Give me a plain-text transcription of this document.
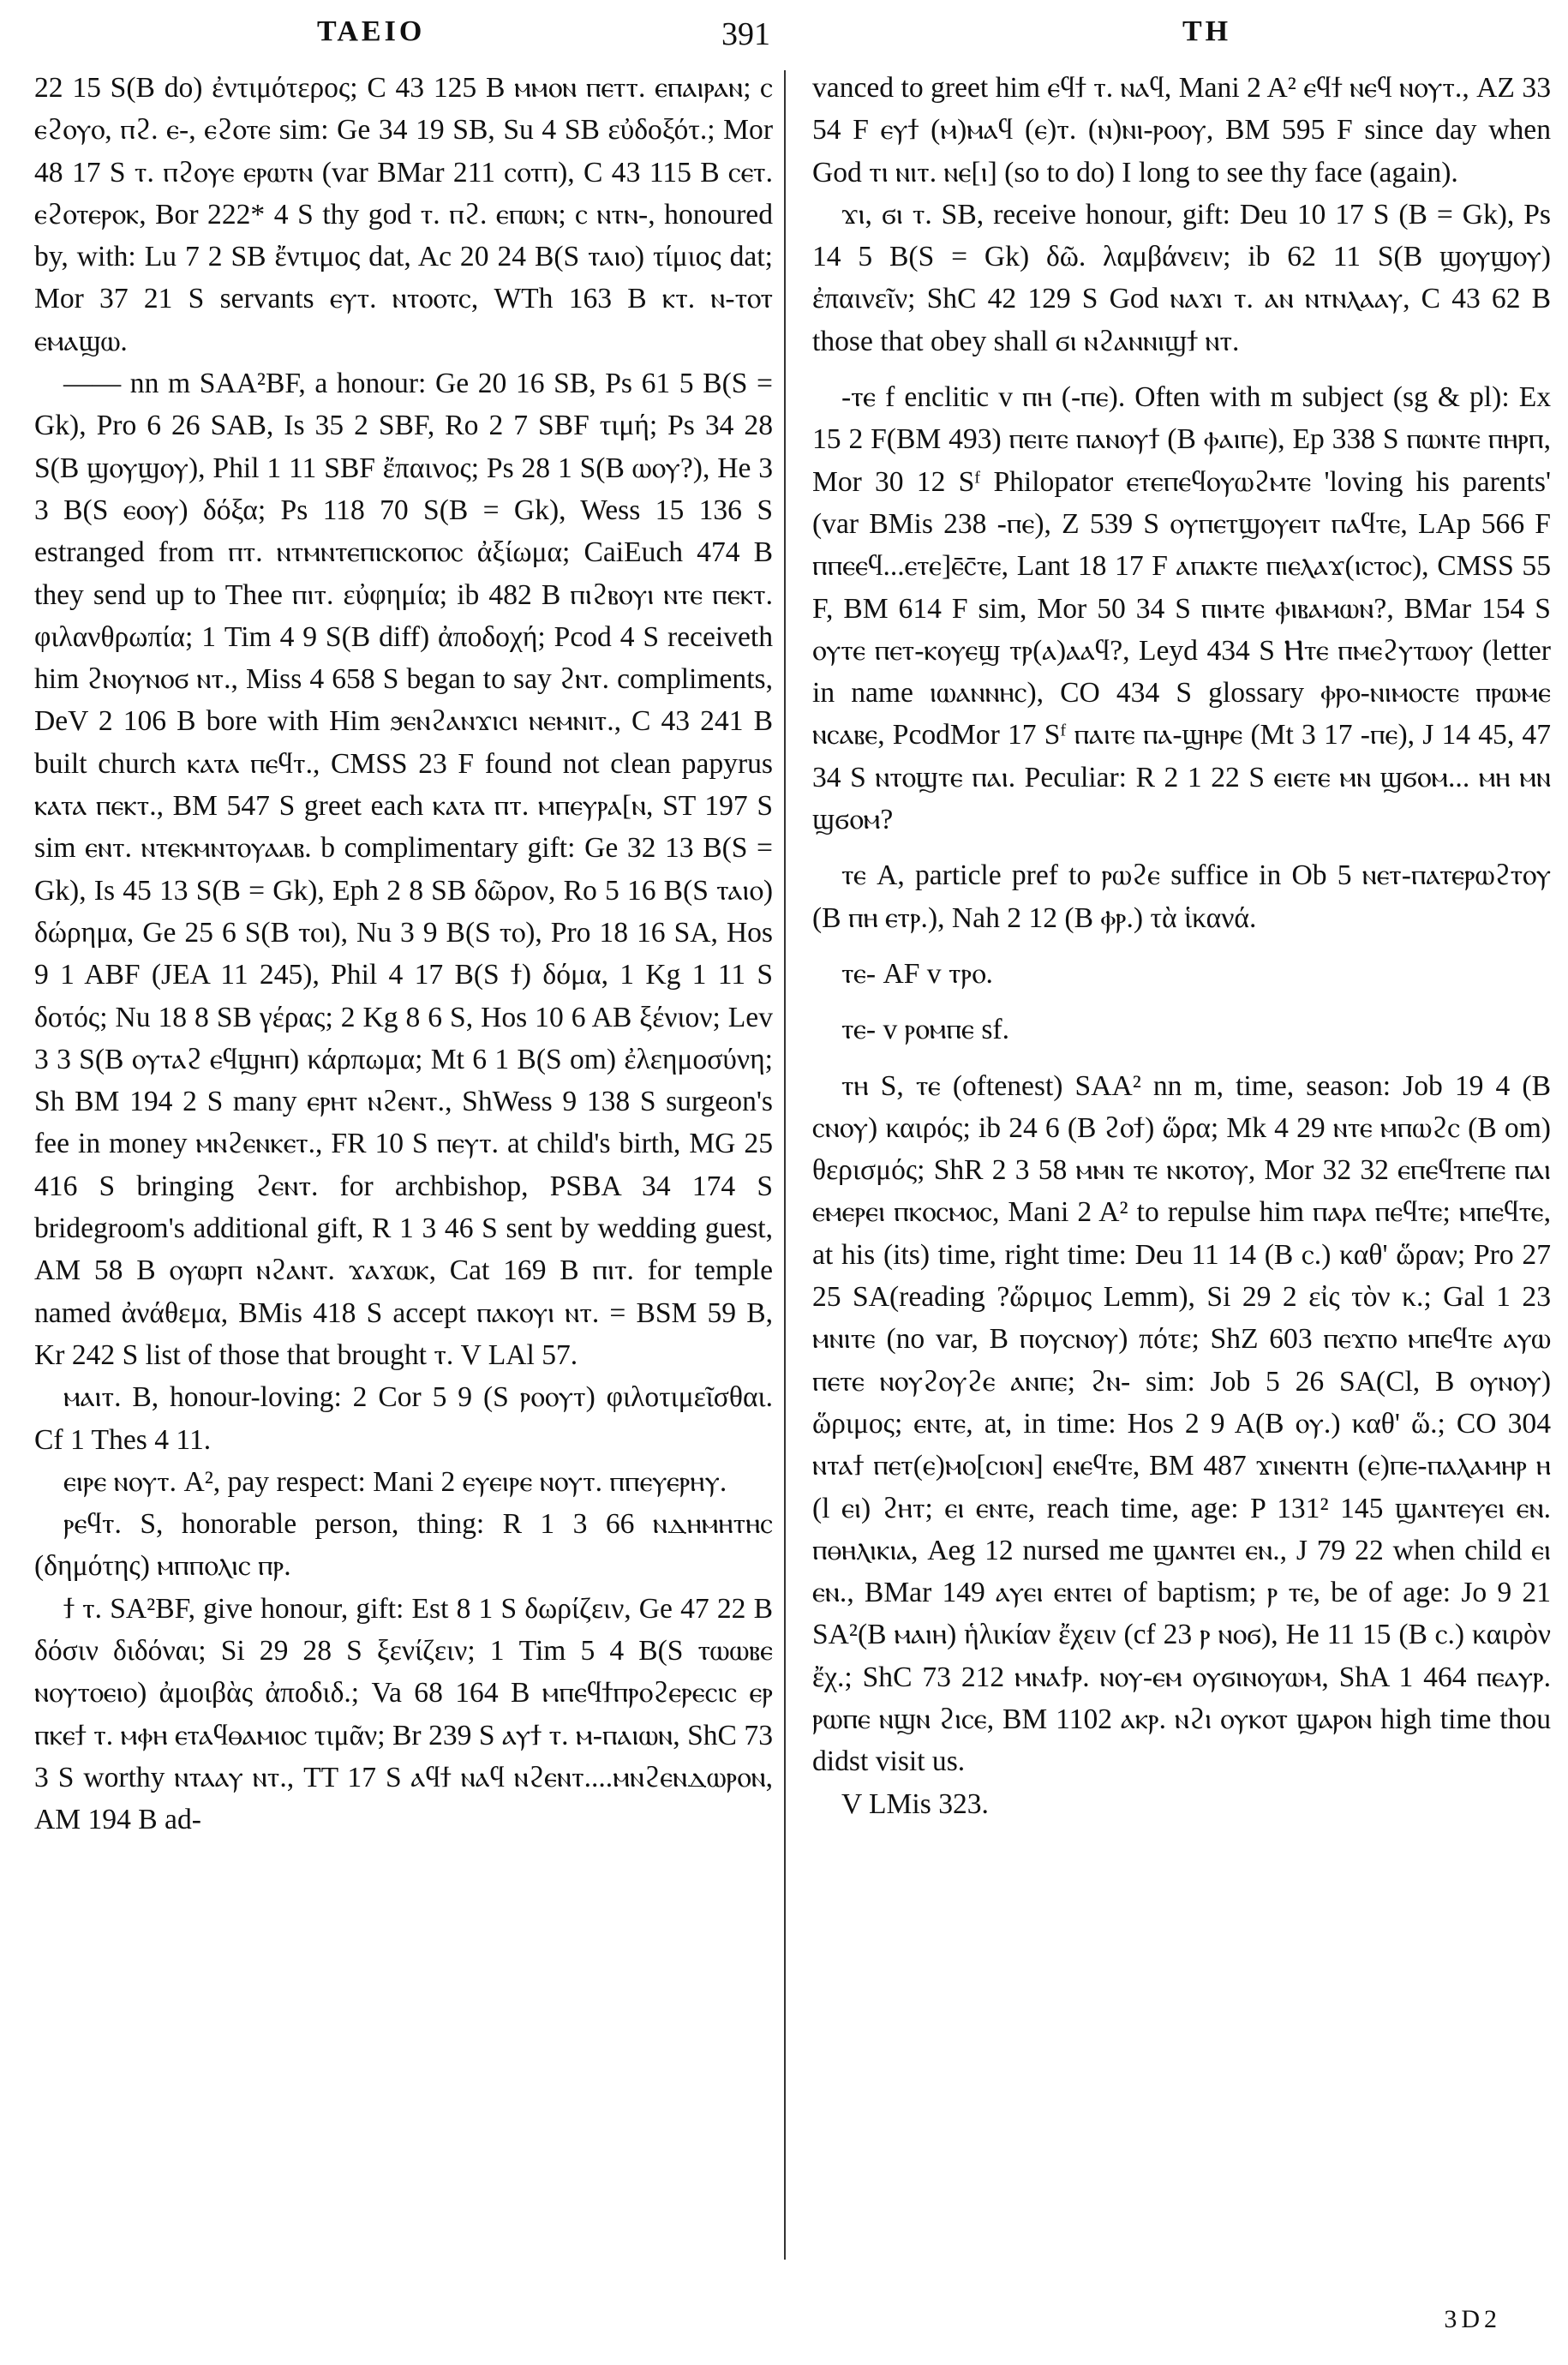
ΤΑΕΙΟ	391	ΤΗ

22 15 S(B do) ἐντιμότερος; C 43 125 B ⲙⲙⲟⲛ ⲡⲉⲧⲧ. ⲉⲡⲁⲓⲣⲁⲛ; ⲥ ⲉϩⲟⲩⲟ, ⲡϩ. ⲉ-, ⲉϩⲟⲧⲉ sim: Ge 34 19 SB, Su 4 SB εὐδοξότ.; Mor 48 17 S ⲧ. ⲡϩⲟⲩⲉ ⲉⲣⲱⲧⲛ (var BMar 211 ⲥⲟⲧⲡ), C 43 115 B ⲥⲉⲧ. ⲉϩⲟⲧⲉⲣⲟⲕ, Bor 222* 4 S thy god ⲧ. ⲡϩ. ⲉⲡⲱⲛ; ⲥ ⲛⲧⲛ-, honoured by, with: Lu 7 2 SB ἔντιμος dat, Ac 20 24 B(S ⲧⲁⲓⲟ) τίμιος dat; Mor 37 21 S servants ⲉⲩⲧ. ⲛⲧⲟⲟⲧⲥ, WTh 163 B ⲕⲧ. ⲛ-ⲧⲟⲧ ⲉⲙⲁϣⲱ.

—— nn m SAA²BF, a honour: Ge 20 16 SB, Ps 61 5 B(S = Gk), Pro 6 26 SAB, Is 35 2 SBF, Ro 2 7 SBF τιμή; Ps 34 28 S(B ϣⲟⲩϣⲟⲩ), Phil 1 11 SBF ἔπαινος; Ps 28 1 S(B ⲱⲟⲩ?), He 3 3 B(S ⲉⲟⲟⲩ) δόξα; Ps 118 70 S(B = Gk), Wess 15 136 S estranged from ⲡⲧ. ⲛⲧⲙⲛⲧⲉⲡⲓⲥⲕⲟⲡⲟⲥ ἀξίωμα; CaiEuch 474 B they send up to Thee ⲡⲓⲧ. εὐφημία; ib 482 B ⲡⲓϩⲃⲟⲩⲓ ⲛⲧⲉ ⲡⲉⲕⲧ. φιλανθρωπία; 1 Tim 4 9 S(B diff) ἀποδοχή; Pcod 4 S receiveth him ϩⲛⲟⲩⲛⲟϭ ⲛⲧ., Miss 4 658 S began to say ϩⲛⲧ. compliments, DeV 2 106 B bore with Him ϧⲉⲛϩⲁⲛϫⲓⲥⲓ ⲛⲉⲙⲛⲓⲧ., C 43 241 B built church ⲕⲁⲧⲁ ⲡⲉϥⲧ., CMSS 23 F found not clean papyrus ⲕⲁⲧⲁ ⲡⲉⲕⲧ., BM 547 S greet each ⲕⲁⲧⲁ ⲡⲧ. ⲙⲡⲉⲩⲣⲁ[ⲛ, ST 197 S sim ⲉⲛⲧ. ⲛⲧⲉⲕⲙⲛⲧⲟⲩⲁⲁⲃ. b complimentary gift: Ge 32 13 B(S = Gk), Is 45 13 S(B = Gk), Eph 2 8 SB δῶρον, Ro 5 16 B(S ⲧⲁⲓⲟ) δώρημα, Ge 25 6 S(B ⲧⲟⲓ), Nu 3 9 B(S ⲧⲟ), Pro 18 16 SA, Hos 9 1 ABF (JEA 11 245), Phil 4 17 B(S ϯ) δόμα, 1 Kg 1 11 S δοτός; Nu 18 8 SB γέρας; 2 Kg 8 6 S, Hos 10 6 AB ξένιον; Lev 3 3 S(B ⲟⲩⲧⲁϩ ⲉϥϣⲏⲡ) κάρπωμα; Mt 6 1 B(S om) ἐλεημοσύνη; Sh BM 194 2 S many ⲉⲣⲏⲧ ⲛϩⲉⲛⲧ., ShWess 9 138 S surgeon's fee in money ⲙⲛϩⲉⲛⲕⲉⲧ., FR 10 S ⲡⲉⲩⲧ. at child's birth, MG 25 416 S bringing ϩⲉⲛⲧ. for archbishop, PSBA 34 174 S bridegroom's additional gift, R 1 3 46 S sent by wedding guest, AM 58 B ⲟⲩⲱⲣⲡ ⲛϩⲁⲛⲧ. ϫⲁϫⲱⲕ, Cat 169 B ⲡⲓⲧ. for temple named ἀνάθεμα, BMis 418 S accept ⲡⲁⲕⲟⲩⲓ ⲛⲧ. = BSM 59 B, Kr 242 S list of those that brought ⲧ. V LAl 57.

ⲙⲁⲓⲧ. B, honour-loving: 2 Cor 5 9 (S ⲣⲟⲟⲩⲧ) φιλοτιμεῖσθαι. Cf 1 Thes 4 11.

ⲉⲓⲣⲉ ⲛⲟⲩⲧ. A², pay respect: Mani 2 ⲉⲩⲉⲓⲣⲉ ⲛⲟⲩⲧ. ⲡⲡⲉⲩⲉⲣⲏⲩ.

ⲣⲉϥⲧ. S, honorable person, thing: R 1 3 66 ⲛⲇⲏⲙⲏⲧⲏⲥ (δημότης) ⲙⲡⲡⲟⲗⲓⲥ ⲡⲣ.

ϯ ⲧ. SA²BF, give honour, gift: Est 8 1 S δωρίζειν, Ge 47 22 B δόσιν διδόναι; Si 29 28 S ξενίζειν; 1 Tim 5 4 B(S ⲧⲱⲱⲃⲉ ⲛⲟⲩⲧⲟⲉⲓⲟ) ἀμοιβὰς ἀποδιδ.; Va 68 164 B ⲙⲡⲉϥϯⲡⲣⲟϩⲉⲣⲉⲥⲓⲥ ⲉⲣ ⲡⲕⲉϯ ⲧ. ⲙⲫⲏ ⲉⲧⲁϥⲑⲁⲙⲓⲟⲥ τιμᾶν; Br 239 S ⲁⲩϯ ⲧ. ⲙ-ⲡⲁⲓⲱⲛ, ShC 73 3 S worthy ⲛⲧⲁⲁⲩ ⲛⲧ., TT 17 S ⲁϥϯ ⲛⲁϥ ⲛϩⲉⲛⲧ....ⲙⲛϩⲉⲛⲇⲱⲣⲟⲛ, AM 194 B ad-

vanced to greet him ⲉϥϯ ⲧ. ⲛⲁϥ, Mani 2 A² ⲉϥϯ ⲛⲉϥ ⲛⲟⲩⲧ., AZ 33 54 F ⲉⲩϯ (ⲙ)ⲙⲁϥ (ⲉ)ⲧ. (ⲛ)ⲛⲓ-ⲣⲟⲟⲩ, BM 595 F since day when God ⲧⲓ ⲛⲓⲧ. ⲛⲉ[ⲓ] (so to do) I long to see thy face (again).

ϫⲓ, ϭⲓ ⲧ. SB, receive honour, gift: Deu 10 17 S (B = Gk), Ps 14 5 B(S = Gk) δῶ. λαμβάνειν; ib 62 11 S(B ϣⲟⲩϣⲟⲩ) ἐπαινεῖν; ShC 42 129 S God ⲛⲁϫⲓ ⲧ. ⲁⲛ ⲛⲧⲛⲗⲁⲁⲩ, C 43 62 B those that obey shall ϭⲓ ⲛϩⲁⲛⲛⲓϣϯ ⲛⲧ.

-ⲧⲉ f enclitic v ⲡⲏ (-ⲡⲉ). Often with m subject (sg & pl): Ex 15 2 F(BM 493) ⲡⲉⲓⲧⲉ ⲡⲁⲛⲟⲩϯ (B ⲫⲁⲓⲡⲉ), Ep 338 S ⲡⲱⲛⲧⲉ ⲡⲏⲣⲡ, Mor 30 12 Sᶠ Philopator ⲉⲧⲉⲡⲉϥⲟⲩⲱϩⲙⲧⲉ 'loving his parents' (var BMis 238 -ⲡⲉ), Z 539 S ⲟⲩⲡⲉⲧϣⲟⲩⲉⲓⲧ ⲡⲁϥⲧⲉ, LAp 566 F ⲡⲡⲉⲉϥ...ⲉⲧⲉ]ⲉ̄ⲥ̄ⲧⲉ, Lant 18 17 F ⲁⲡⲁⲕⲧⲉ ⲡⲓⲉⲗⲁϫ(ⲓⲥⲧⲟⲥ), CMSS 55 F, BM 614 F sim, Mor 50 34 S ⲡⲓⲙⲧⲉ ⲫⲓⲃⲁⲙⲱⲛ?, BMar 154 S ⲟⲩⲧⲉ ⲡⲉⲧ-ⲕⲟⲩⲉϣ ⲧⲣ(ⲁ)ⲁⲁϥ?, Leyd 434 S Ⲏⲧⲉ ⲡⲙⲉϩⲩⲧⲱⲟⲩ (letter in name ⲓⲱⲁⲛⲛⲏⲥ), CO 434 S glossary ⲫⲣⲟ-ⲛⲓⲙⲟⲥⲧⲉ ⲡⲣⲱⲙⲉ ⲛⲥⲁⲃⲉ, PcodMor 17 Sᶠ ⲡⲁⲓⲧⲉ ⲡⲁ-ϣⲏⲣⲉ (Mt 3 17 -ⲡⲉ), J 14 45, 47 34 S ⲛⲧⲟϣⲧⲉ ⲡⲁⲓ. Peculiar: R 2 1 22 S ⲉⲓⲉⲧⲉ ⲙⲛ ϣϭⲟⲙ... ⲙⲏ ⲙⲛ ϣϭⲟⲙ?

ⲧⲉ A, particle pref to ⲣⲱϩⲉ suffice in Ob 5 ⲛⲉⲧ-ⲡⲁⲧⲉⲣⲱϩⲧⲟⲩ (B ⲡⲏ ⲉⲧⲣ.), Nah 2 12 (B ⲫⲣ.) τὰ ἱκανά.

ⲧⲉ- AF v ⲧⲣⲟ.

ⲧⲉ- v ⲣⲟⲙⲡⲉ sf.

ⲧⲏ S, ⲧⲉ (oftenest) SAA² nn m, time, season: Job 19 4 (B ⲥⲛⲟⲩ) καιρός; ib 24 6 (B ϩⲟϯ) ὥρα; Mk 4 29 ⲛⲧⲉ ⲙⲡⲱϩⲥ (B om) θερισμός; ShR 2 3 58 ⲙⲙⲛ ⲧⲉ ⲛⲕⲟⲧⲟⲩ, Mor 32 32 ⲉⲡⲉϥⲧⲉⲡⲉ ⲡⲁⲓ ⲉⲙⲉⲣⲉⲓ ⲡⲕⲟⲥⲙⲟⲥ, Mani 2 A² to repulse him ⲡⲁⲣⲁ ⲡⲉϥⲧⲉ; ⲙⲡⲉϥⲧⲉ, at his (its) time, right time: Deu 11 14 (B ⲥ.) καθ' ὥραν; Pro 27 25 SA(reading ?ὥριμος Lemm), Si 29 2 εἰς τὸν κ.; Gal 1 23 ⲙⲛⲓⲧⲉ (no var, B ⲡⲟⲩⲥⲛⲟⲩ) πότε; ShZ 603 ⲡⲉϫⲡⲟ ⲙⲡⲉϥⲧⲉ ⲁⲩⲱ ⲡⲉⲧⲉ ⲛⲟⲩϩⲟⲩϩⲉ ⲁⲛⲡⲉ; ϩⲛ- sim: Job 5 26 SA(Cl, B ⲟⲩⲛⲟⲩ) ὥριμος; ⲉⲛⲧⲉ, at, in time: Hos 2 9 A(B ⲟⲩ.) καθ' ὥ.; CO 304 ⲛⲧⲁϯ ⲡⲉⲧ(ⲉ)ⲙⲟ[ⲥⲓⲟⲛ] ⲉⲛⲉϥⲧⲉ, BM 487 ϫⲓⲛⲉⲛⲧⲏ (ⲉ)ⲡⲉ-ⲡⲁⲗⲁⲙⲏⲣ ⲏ (l ⲉⲓ) ϩⲏⲧ; ⲉⲓ ⲉⲛⲧⲉ, reach time, age: P 131² 145 ϣⲁⲛⲧⲉⲩⲉⲓ ⲉⲛ. ⲡⲑⲏⲗⲓⲕⲓⲁ, Aeg 12 nursed me ϣⲁⲛⲧⲉⲓ ⲉⲛ., J 79 22 when child ⲉⲓ ⲉⲛ., BMar 149 ⲁⲩⲉⲓ ⲉⲛⲧⲉⲓ of baptism; ⲣ ⲧⲉ, be of age: Jo 9 21 SA²(B ⲙⲁⲓⲏ) ἡλικίαν ἔχειν (cf 23 ⲣ ⲛⲟϭ), He 11 15 (B ⲥ.) καιρὸν ἔχ.; ShC 73 212 ⲙⲛⲁϯⲣ. ⲛⲟⲩ-ⲉⲙ ⲟⲩϭⲓⲛⲟⲩⲱⲙ, ShA 1 464 ⲡⲉⲁⲩⲣ. ⲣⲱⲡⲉ ⲛϣⲛ ϩⲓⲥⲉ, BM 1102 ⲁⲕⲣ. ⲛϩⲓ ⲟⲩⲕⲟⲧ ϣⲁⲣⲟⲛ high time thou didst visit us.

V LMis 323.

3D2
